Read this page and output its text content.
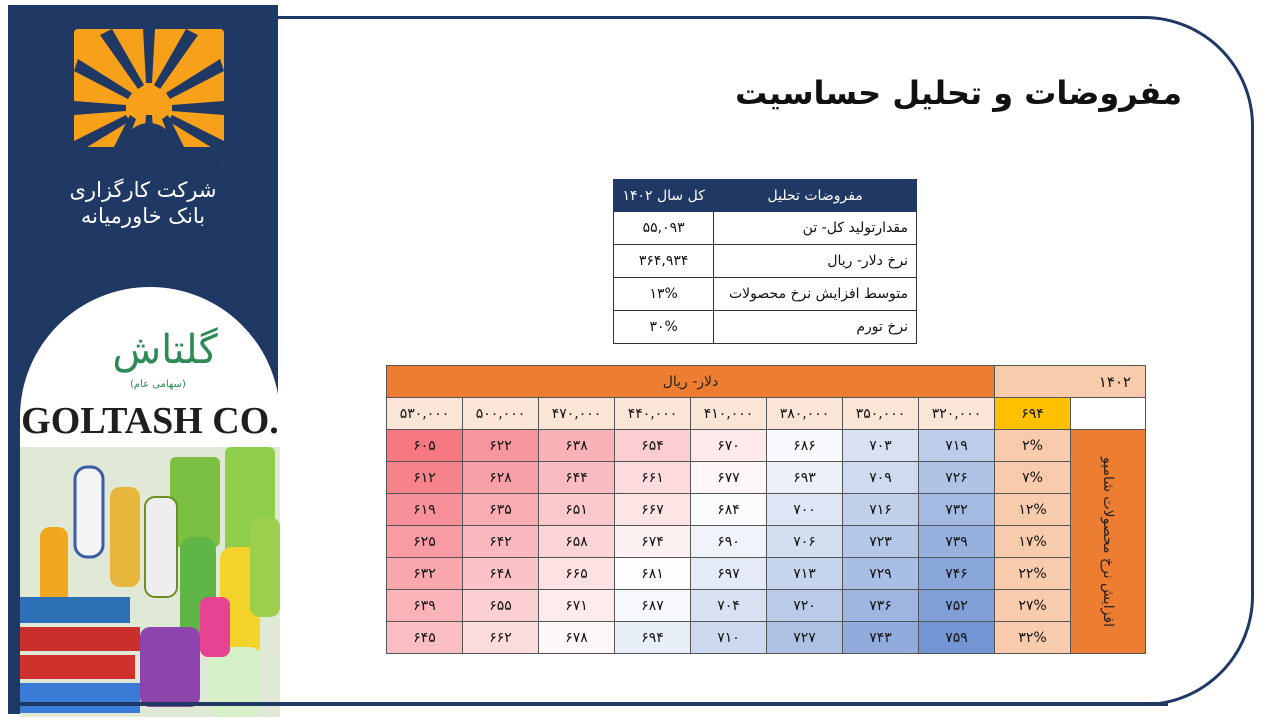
شرکت کارگزاری
بانک خاورمیانه
گلتاش
(سهامی عام)
GOLTASH CO.
مفروضات و تحلیل حساسیت
مفروضات تحلیل	کل سال ۱۴۰۲
مقدارتولید کل- تن	۵۵,۰۹۳
نرخ دلار- ریال	۳۶۴,۹۳۴
متوسط افزایش نرخ محصولات	۱۳%
نرخ تورم	۳۰%
۱۴۰۲		دلار- ریال							
	۶۹۴	۳۲۰,۰۰۰	۳۵۰,۰۰۰	۳۸۰,۰۰۰	۴۱۰,۰۰۰	۴۴۰,۰۰۰	۴۷۰,۰۰۰	۵۰۰,۰۰۰	۵۳۰,۰۰۰

افزایش نرخ محصولات شامپو	۲%	۷۱۹	۷۰۳	۶۸۶	۶۷۰	۶۵۴	۶۳۸	۶۲۲	۶۰۵
	۷%	۷۲۶	۷۰۹	۶۹۳	۶۷۷	۶۶۱	۶۴۴	۶۲۸	۶۱۲
	۱۲%	۷۳۲	۷۱۶	۷۰۰	۶۸۴	۶۶۷	۶۵۱	۶۳۵	۶۱۹
	۱۷%	۷۳۹	۷۲۳	۷۰۶	۶۹۰	۶۷۴	۶۵۸	۶۴۲	۶۲۵
	۲۲%	۷۴۶	۷۲۹	۷۱۳	۶۹۷	۶۸۱	۶۶۵	۶۴۸	۶۳۲
	۲۷%	۷۵۲	۷۳۶	۷۲۰	۷۰۴	۶۸۷	۶۷۱	۶۵۵	۶۳۹
	۳۲%	۷۵۹	۷۴۳	۷۲۷	۷۱۰	۶۹۴	۶۷۸	۶۶۲	۶۴۵
